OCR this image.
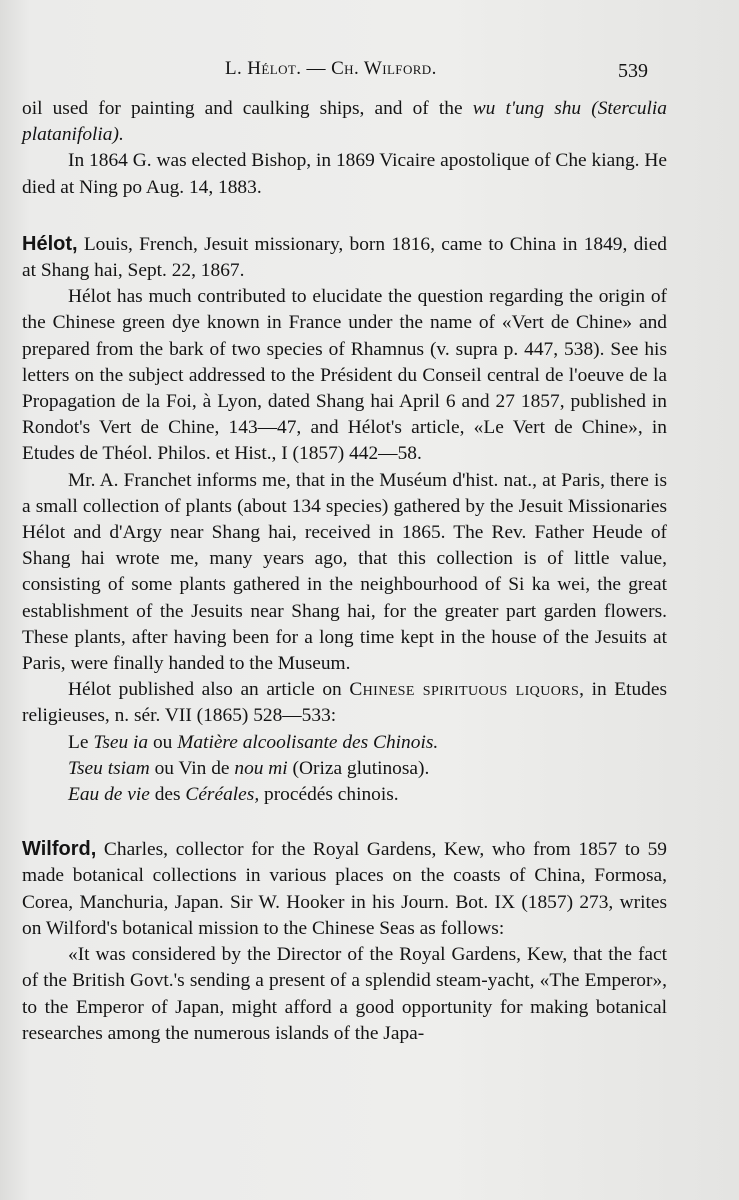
L. Hélot. — Ch. Wilford.	539

oil used for painting and caulking ships, and of the wu t'ung shu (Sterculia platanifolia).

In 1864 G. was elected Bishop, in 1869 Vicaire apostolique of Che kiang. He died at Ning po Aug. 14, 1883.

Hélot, Louis, French, Jesuit missionary, born 1816, came to China in 1849, died at Shang hai, Sept. 22, 1867.

Hélot has much contributed to elucidate the question regarding the origin of the Chinese green dye known in France under the name of «Vert de Chine» and prepared from the bark of two species of Rhamnus (v. supra p. 447, 538). See his letters on the subject addressed to the Président du Conseil central de l'oeuve de la Propagation de la Foi, à Lyon, dated Shang hai April 6 and 27 1857, published in Rondot's Vert de Chine, 143—47, and Hélot's article, «Le Vert de Chine», in Etudes de Théol. Philos. et Hist., I (1857) 442—58.

Mr. A. Franchet informs me, that in the Muséum d'hist. nat., at Paris, there is a small collection of plants (about 134 species) gathered by the Jesuit Missionaries Hélot and d'Argy near Shang hai, received in 1865. The Rev. Father Heude of Shang hai wrote me, many years ago, that this collection is of little value, consisting of some plants gathered in the neighbourhood of Si ka wei, the great establishment of the Jesuits near Shang hai, for the greater part garden flowers. These plants, after having been for a long time kept in the house of the Jesuits at Paris, were finally handed to the Museum.

Hélot published also an article on Chinese spirituous liquors, in Etudes religieuses, n. sér. VII (1865) 528—533:

Le Tseu ia ou Matière alcoolisante des Chinois.
Tseu tsiam ou Vin de nou mi (Oriza glutinosa).
Eau de vie des Céréales, procédés chinois.

Wilford, Charles, collector for the Royal Gardens, Kew, who from 1857 to 59 made botanical collections in various places on the coasts of China, Formosa, Corea, Manchuria, Japan. Sir W. Hooker in his Journ. Bot. IX (1857) 273, writes on Wilford's botanical mission to the Chinese Seas as follows:

«It was considered by the Director of the Royal Gardens, Kew, that the fact of the British Govt.'s sending a present of a splendid steam-yacht, «The Emperor», to the Emperor of Japan, might afford a good opportunity for making botanical researches among the numerous islands of the Japa-
